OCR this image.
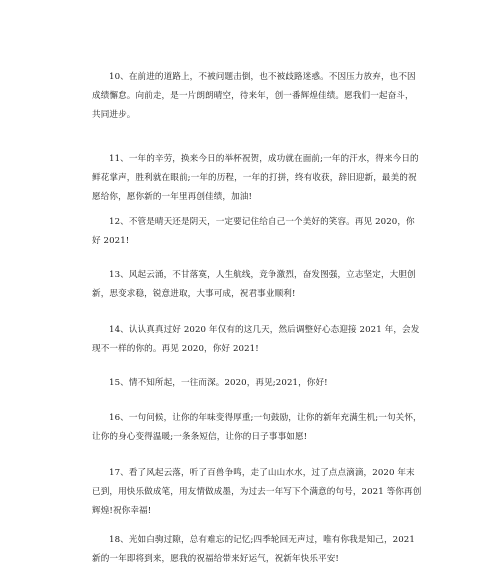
10、在前进的道路上，不被问题击倒，也不被歧路迷惑。不因压力放弃，也不因成绩懈怠。向前走，是一片朗朗晴空，待来年，创一番辉煌佳绩。愿我们一起奋斗，共同进步。

11、一年的辛劳，换来今日的举杯祝贺，成功就在面前;一年的汗水，得来今日的鲜花掌声，胜利就在眼前;一年的历程，一年的打拼，终有收获，辞旧迎新，最美的祝愿给你，愿你新的一年里再创佳绩，加油!

12、不管是晴天还是阴天，一定要记住给自己一个美好的笑容。再见 2020，你好 2021!

13、风起云涌，不甘落寞，人生航线，竞争激烈，奋发图强，立志坚定，大胆创新，思变求稳，锐意进取，大事可成，祝君事业顺利!

14、认认真真过好 2020 年仅有的这几天，然后调整好心态迎接 2021 年，会发现不一样的你的。再见 2020，你好 2021!

15、情不知所起，一往而深。2020，再见;2021，你好!

16、一句问候，让你的年味变得厚重;一句鼓励，让你的新年充满生机;一句关怀，让你的身心变得温暖;一条条短信，让你的日子事事如愿!

17、看了风起云落，听了百兽争鸣，走了山山水水，过了点点滴滴，2020 年末已到，用快乐做成笔，用友情做成墨，为过去一年写下个满意的句号，2021 等你再创辉煌!祝你幸福!

18、光如白驹过隙，总有难忘的记忆;四季轮回无声过，唯有你我是知己，2021 新的一年即将到来，愿我的祝福给带来好运气，祝新年快乐平安!
